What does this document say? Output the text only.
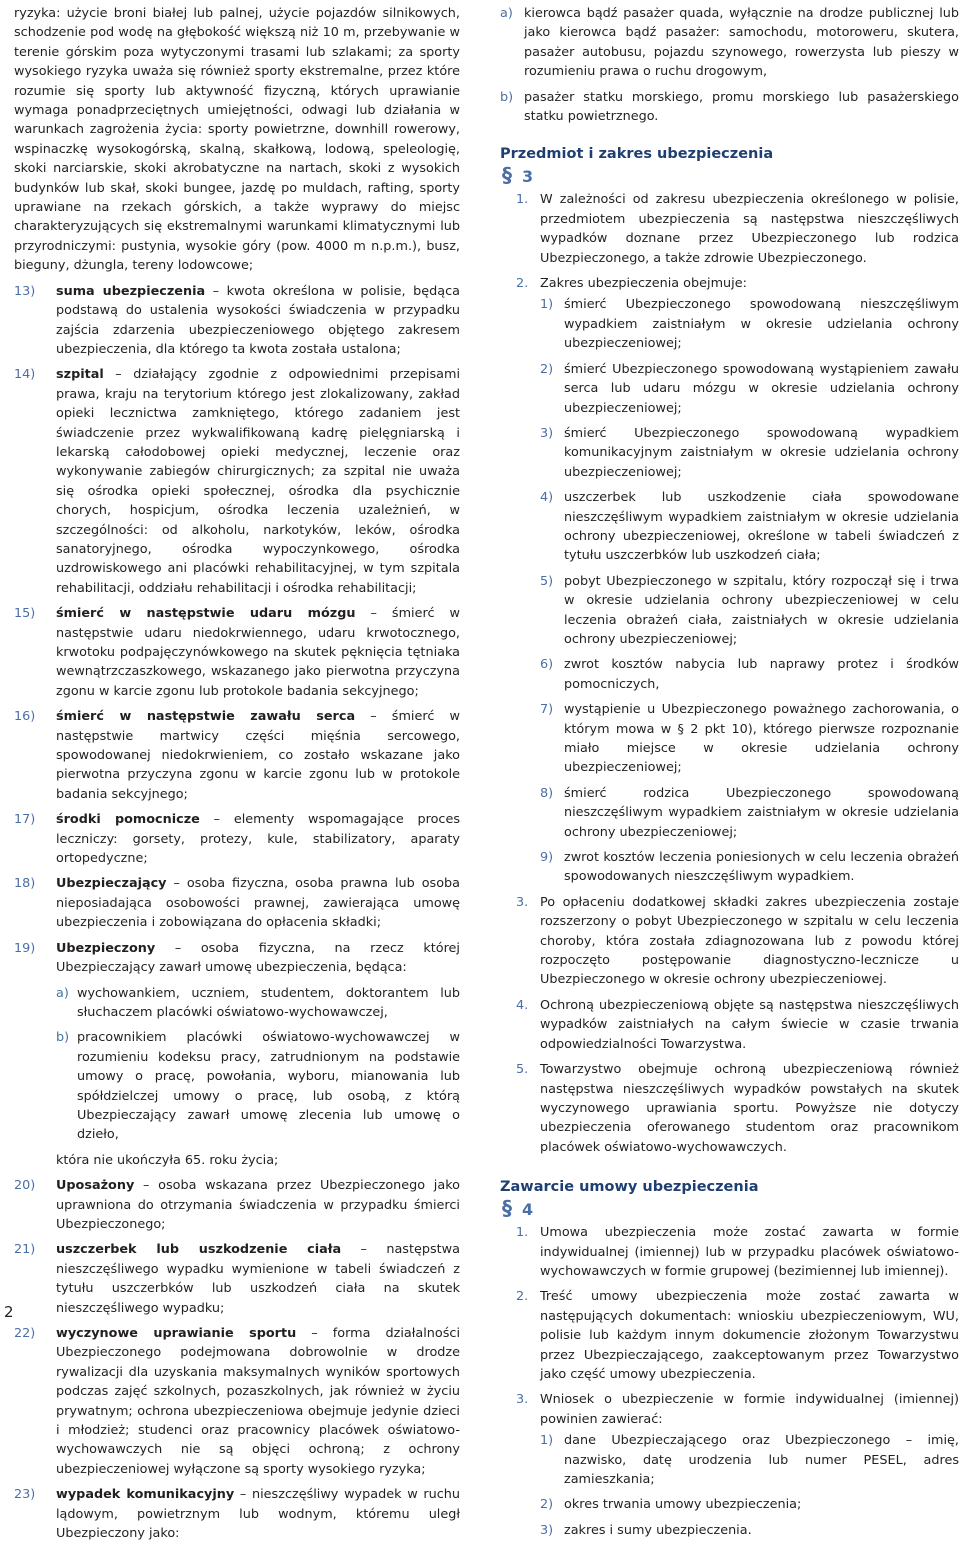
ryzyka: użycie broni białej lub palnej, użycie pojazdów silnikowych, schodzenie pod wodę na głębokość większą niż 10 m, przebywanie w terenie górskim poza wytyczonymi trasami lub szlakami; za sporty wysokiego ryzyka uważa się również sporty ekstremalne, przez które rozumie się sporty lub aktywność fizyczną, których uprawianie wymaga ponadprzeciętnych umiejętności, odwagi lub działania w warunkach zagrożenia życia: sporty powietrzne, downhill rowerowy, wspinaczkę wysokogórską, skalną, skałkową, lodową, speleologię, skoki narciarskie, skoki akrobatyczne na nartach, skoki z wysokich budynków lub skał, skoki bungee, jazdę po muldach, rafting, sporty uprawiane na rzekach górskich, a także wyprawy do miejsc charakteryzujących się ekstremalnymi warunkami klimatycznymi lub przyrodniczymi: pustynia, wysokie góry (pow. 4000 m n.p.m.), busz, bieguny, dżungla, tereny lodowcowe;
13) suma ubezpieczenia – kwota określona w polisie, będąca podstawą do ustalenia wysokości świadczenia w przypadku zajścia zdarzenia ubezpieczeniowego objętego zakresem ubezpieczenia, dla którego ta kwota została ustalona;
14) szpital – działający zgodnie z odpowiednimi przepisami prawa, kraju na terytorium którego jest zlokalizowany, zakład opieki lecznictwa zamkniętego, którego zadaniem jest świadczenie przez wykwalifikowaną kadrę pielęgniarską i lekarską całodobowej opieki medycznej, leczenie oraz wykonywanie zabiegów chirurgicznych; za szpital nie uważa się ośrodka opieki społecznej, ośrodka dla psychicznie chorych, hospicjum, ośrodka leczenia uzależnień, w szczególności: od alkoholu, narkotyków, leków, ośrodka sanatoryjnego, ośrodka wypoczynkowego, ośrodka uzdrowiskowego ani placówki rehabilitacyjnej, w tym szpitala rehabilitacji, oddziału rehabilitacji i ośrodka rehabilitacji;
15) śmierć w następstwie udaru mózgu – śmierć w następstwie udaru niedokrwiennego, udaru krwotocznego, krwotoku podpajęczynówkowego na skutek pęknięcia tętniaka wewnątrzczaszkowego, wskazanego jako pierwotna przyczyna zgonu w karcie zgonu lub protokole badania sekcyjnego;
16) śmierć w następstwie zawału serca – śmierć w następstwie martwicy części mięśnia sercowego, spowodowanej niedokrwieniem, co zostało wskazane jako pierwotna przyczyna zgonu w karcie zgonu lub w protokole badania sekcyjnego;
17) środki pomocnicze – elementy wspomagające proces leczniczy: gorsety, protezy, kule, stabilizatory, aparaty ortopedyczne;
18) Ubezpieczający – osoba fizyczna, osoba prawna lub osoba nieposiadająca osobowości prawnej, zawierająca umowę ubezpieczenia i zobowiązana do opłacenia składki;
19) Ubezpieczony – osoba fizyczna, na rzecz której Ubezpieczający zawarł umowę ubezpieczenia, będąca:
a) wychowankiem, uczniem, studentem, doktorantem lub słuchaczem placówki oświatowo-wychowawczej,
b) pracownikiem placówki oświatowo-wychowawczej w rozumieniu kodeksu pracy, zatrudnionym na podstawie umowy o pracę, powołania, wyboru, mianowania lub spółdzielczej umowy o pracę, lub osobą, z którą Ubezpieczający zawarł umowę zlecenia lub umowę o dzieło,
która nie ukończyła 65. roku życia;
20) Uposażony – osoba wskazana przez Ubezpieczonego jako uprawniona do otrzymania świadczenia w przypadku śmierci Ubezpieczonego;
21) uszczerbek lub uszkodzenie ciała – następstwa nieszczęśliwego wypadku wymienione w tabeli świadczeń z tytułu uszczerbków lub uszkodzeń ciała na skutek nieszczęśliwego wypadku;
22) wyczynowe uprawianie sportu – forma działalności Ubezpieczonego podejmowana dobrowolnie w drodze rywalizacji dla uzyskania maksymalnych wyników sportowych podczas zajęć szkolnych, pozaszkolnych, jak również w życiu prywatnym; ochrona ubezpieczeniowa obejmuje jedynie dzieci i młodzież; studenci oraz pracownicy placówek oświatowo-wychowawczych nie są objęci ochroną; z ochrony ubezpieczeniowej wyłączone są sporty wysokiego ryzyka;
23) wypadek komunikacyjny – nieszczęśliwy wypadek w ruchu lądowym, powietrznym lub wodnym, któremu uległ Ubezpieczony jako:
a) kierowca bądź pasażer quada, wyłącznie na drodze publicznej lub jako kierowca bądź pasażer: samochodu, motoroweru, skutera, pasażer autobusu, pojazdu szynowego, rowerzysta lub pieszy w rozumieniu prawa o ruchu drogowym,
b) pasażer statku morskiego, promu morskiego lub pasażerskiego statku powietrznego.
Przedmiot i zakres ubezpieczenia
§ 3
1. W zależności od zakresu ubezpieczenia określonego w polisie, przedmiotem ubezpieczenia są następstwa nieszczęśliwych wypadków doznane przez Ubezpieczonego lub rodzica Ubezpieczonego, a także zdrowie Ubezpieczonego.
2. Zakres ubezpieczenia obejmuje:
1) śmierć Ubezpieczonego spowodowaną nieszczęśliwym wypadkiem zaistniałym w okresie udzielania ochrony ubezpieczeniowej;
2) śmierć Ubezpieczonego spowodowaną wystąpieniem zawału serca lub udaru mózgu w okresie udzielania ochrony ubezpieczeniowej;
3) śmierć Ubezpieczonego spowodowaną wypadkiem komunikacyjnym zaistniałym w okresie udzielania ochrony ubezpieczeniowej;
4) uszczerbek lub uszkodzenie ciała spowodowane nieszczęśliwym wypadkiem zaistniałym w okresie udzielania ochrony ubezpieczeniowej, określone w tabeli świadczeń z tytułu uszczerbków lub uszkodzeń ciała;
5) pobyt Ubezpieczonego w szpitalu, który rozpoczął się i trwa w okresie udzielania ochrony ubezpieczeniowej w celu leczenia obrażeń ciała, zaistniałych w okresie udzielania ochrony ubezpieczeniowej;
6) zwrot kosztów nabycia lub naprawy protez i środków pomocniczych,
7) wystąpienie u Ubezpieczonego poważnego zachorowania, o którym mowa w § 2 pkt 10), którego pierwsze rozpoznanie miało miejsce w okresie udzielania ochrony ubezpieczeniowej;
8) śmierć rodzica Ubezpieczonego spowodowaną nieszczęśliwym wypadkiem zaistniałym w okresie udzielania ochrony ubezpieczeniowej;
9) zwrot kosztów leczenia poniesionych w celu leczenia obrażeń spowodowanych nieszczęśliwym wypadkiem.
3. Po opłaceniu dodatkowej składki zakres ubezpieczenia zostaje rozszerzony o pobyt Ubezpieczonego w szpitalu w celu leczenia choroby, która została zdiagnozowana lub z powodu której rozpoczęto postępowanie diagnostyczno-lecznicze u Ubezpieczonego w okresie ochrony ubezpieczeniowej.
4. Ochroną ubezpieczeniową objęte są następstwa nieszczęśliwych wypadków zaistniałych na całym świecie w czasie trwania odpowiedzialności Towarzystwa.
5. Towarzystwo obejmuje ochroną ubezpieczeniową również następstwa nieszczęśliwych wypadków powstałych na skutek wyczynowego uprawiania sportu. Powyższe nie dotyczy ubezpieczenia oferowanego studentom oraz pracownikom placówek oświatowo-wychowawczych.
Zawarcie umowy ubezpieczenia
§ 4
1. Umowa ubezpieczenia może zostać zawarta w formie indywidualnej (imiennej) lub w przypadku placówek oświatowo-wychowawczych w formie grupowej (bezimiennej lub imiennej).
2. Treść umowy ubezpieczenia może zostać zawarta w następujących dokumentach: wnioskiu ubezpieczeniowym, WU, polisie lub każdym innym dokumencie złożonym Towarzystwu przez Ubezpieczającego, zaakceptowanym przez Towarzystwo jako część umowy ubezpieczenia.
3. Wniosek o ubezpieczenie w formie indywidualnej (imiennej) powinien zawierać:
1) dane Ubezpieczającego oraz Ubezpieczonego – imię, nazwisko, datę urodzenia lub numer PESEL, adres zamieszkania;
2) okres trwania umowy ubezpieczenia;
3) zakres i sumy ubezpieczenia.
2
